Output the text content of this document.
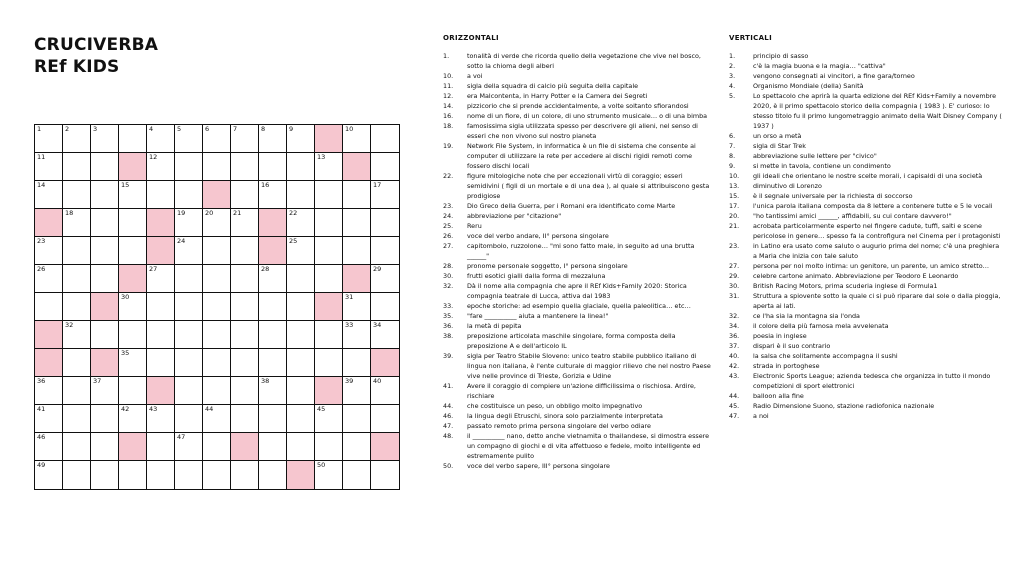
CRUCIVERBA
REf KIDS
1	2	3	4	5	6	7	8	9	10
11	12	13
14	15	16	17
18	19	20	21	22
23	24	25
26	27	28	29
30	31
32	33	34
35
36	37	38	39	40
41	42	43	44	45
46	47
49	50
ORIZZONTALI
1.	tonalità di verde che ricorda quello della vegetazione che vive nel bosco, sotto la chioma degli alberi
10.	a voi
11.	sigla della squadra di calcio più seguita della capitale
12.	era Malcontenta, in Harry Potter e la Camera dei Segreti
14.	pizzicorio che si prende accidentalmente, a volte soltanto sfiorandosi
16.	nome di un fiore, di un colore, di uno strumento musicale… o di una bimba
18.	famosissima sigla utilizzata spesso per descrivere gli alieni, nel senso di esseri che non vivono sul nostro pianeta
19.	Network File System, in informatica è un file di sistema che consente ai computer di utilizzare la rete per accedere ai dischi rigidi remoti come fossero dischi locali
22.	figure mitologiche note che per eccezionali virtù di coraggio; esseri semidivini ( figli di un mortale e di una dea ), al quale si attribuiscono gesta prodigiose
23.	Dio Greco della Guerra, per i Romani era identificato come Marte
24.	abbreviazione per "citazione"
25.	Reru
26.	voce del verbo andare, II° persona singolare
27.	capitombolo, ruzzolone… "mi sono fatto male, in seguito ad una brutta ______"
28.	pronome personale soggetto, I° persona singolare
30.	frutti esotici gialli dalla forma di mezzaluna
32.	Dà il nome alla compagnia che apre il REf Kids+Family 2020: Storica compagnia teatrale di Lucca, attiva dal 1983
33.	epoche storiche: ad esempio quella glaciale, quella paleolitica… etc…
35.	"fare __________ aiuta a mantenere la linea!"
36.	la metà di pepita
38.	preposizione articolata maschile singolare, forma composta della preposizione A e dell'articolo IL
39.	sigla per Teatro Stabile Sloveno: unico teatro stabile pubblico italiano di lingua non italiana, è l'ente culturale di maggior rilievo che nel nostro Paese vive nelle province di Trieste, Gorizia e Udine
41.	Avere il coraggio di compiere un'azione difficilissima o rischiosa. Ardire, rischiare
44.	che costituisce un peso, un obbligo molto impegnativo
46.	la lingua degli Etruschi, sinora solo parzialmente interpretata
47.	passato remoto prima persona singolare del verbo odiare
48.	il __________ nano, detto anche vietnamita o thailandese, si dimostra essere un compagno di giochi e di vita affettuoso e fedele, molto intelligente ed estremamente pulito
50.	voce del verbo sapere, III° persona singolare
VERTICALI
1.	principio di sasso
2.	c'è la magia buona e la magia… "cattiva"
3.	vengono consegnati ai vincitori, a fine gara/torneo
4.	Organismo Mondiale (della) Sanità
5.	Lo spettacolo che aprirà la quarta edizione del REf Kids+Family a novembre 2020, è il primo spettacolo storico della compagnia ( 1983 ). E' curioso: lo stesso titolo fu il primo lungometraggio animato della Walt Disney Company ( 1937 )
6.	un orso a metà
7.	sigla di Star Trek
8.	abbreviazione sulle lettere per "civico"
9.	si mette in tavola, contiene un condimento
10.	gli ideali che orientano le nostre scelte morali, i capisaldi di una società
13.	diminutivo di Lorenzo
15.	è il segnale universale per la richiesta di soccorso
17.	l'unica parola italiana composta da 8 lettere a contenere tutte e 5 le vocali
20.	"ho tantissimi amici ______, affidabili, su cui contare davvero!"
21.	acrobata particolarmente esperto nel fingere cadute, tuffi, salti e scene pericolose in genere… spesso fa la controfigura nel Cinema per i protagonisti
23.	in Latino era usato come saluto o augurio prima del nome; c'è una preghiera a Maria che inizia con tale saluto
27.	persona per noi molto intima: un genitore, un parente, un amico stretto…
29.	celebre cartone animato. Abbreviazione per Teodoro E Leonardo
30.	British Racing Motors, prima scuderia inglese di Formula1
31.	Struttura a spiovente sotto la quale ci si può riparare dal sole o dalla pioggia, aperta ai lati.
32.	ce l'ha sia la montagna sia l'onda
34.	il colore della più famosa mela avvelenata
36.	poesia in inglese
37.	dispari è il suo contrario
40.	la salsa che solitamente accompagna il sushi
42.	strada in portoghese
43.	Electronic Sports League; azienda tedesca che organizza in tutto il mondo competizioni di sport elettronici
44.	balloon alla fine
45.	Radio Dimensione Suono, stazione radiofonica nazionale
47.	a noi
